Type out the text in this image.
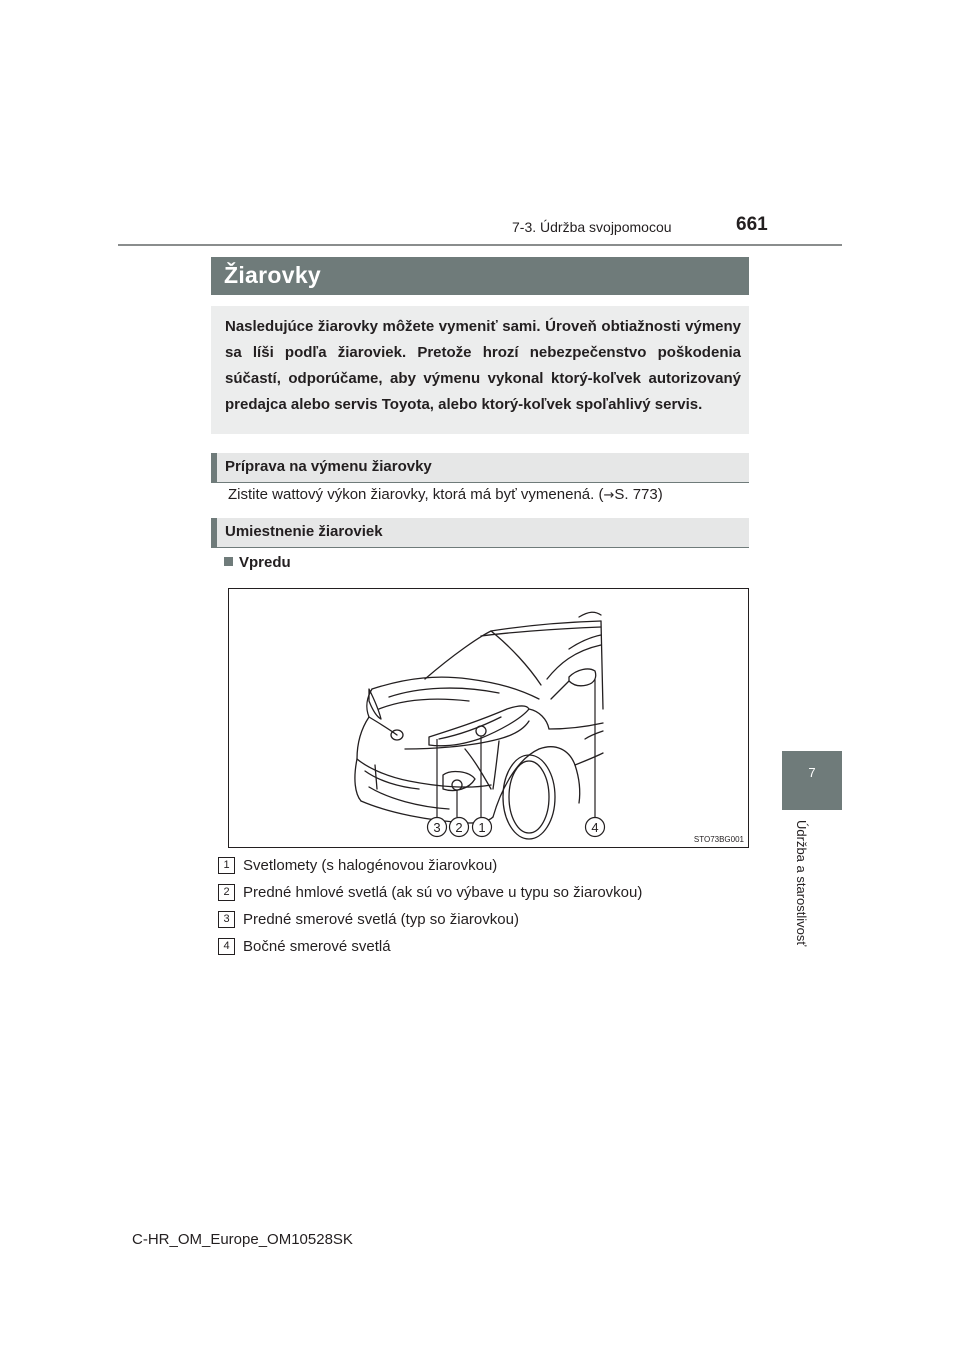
7-3. Údržba svojpomocou	661
7
Údržba a starostlivosť
Žiarovky
Nasledujúce žiarovky môžete vymeniť sami. Úroveň obtiažnosti výmeny sa líši podľa žiaroviek. Pretože hrozí nebezpečenstvo poškodenia súčastí, odporúčame, aby výmenu vykonal ktorý-koľvek autorizovaný predajca alebo servis Toyota, alebo ktorý-koľvek spoľahlivý servis.
Príprava na výmenu žiarovky
Zistite wattový výkon žiarovky, ktorá má byť vymenená. (→S. 773)
Umiestnenie žiaroviek
Vpredu
3 2 1	4
STO73BG001
1 Svetlomety (s halogénovou žiarovkou)
2 Predné hmlové svetlá (ak sú vo výbave u typu so žiarovkou)
3 Predné smerové svetlá (typ so žiarovkou)
4 Bočné smerové svetlá
C-HR_OM_Europe_OM10528SK
